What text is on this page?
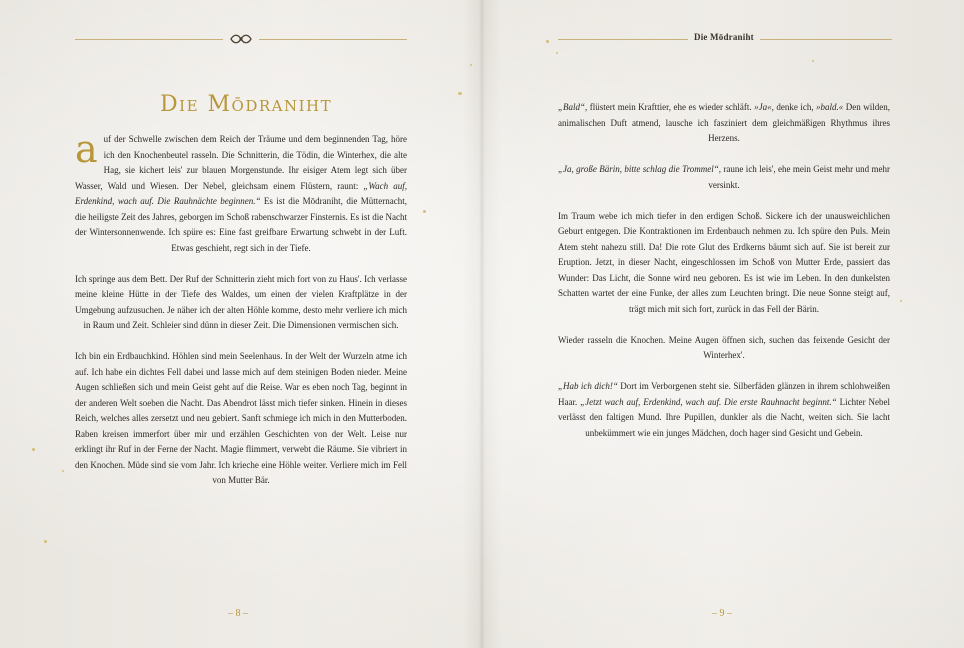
Die Mōdraniht

auf der Schwelle zwischen dem Reich der Träume und dem beginnenden Tag, höre ich den Knochenbeutel rasseln. Die Schnitterin, die Tödin, die Winterhex, die alte Hag, sie kichert leis' zur blauen Morgenstunde. Ihr eisiger Atem legt sich über Wasser, Wald und Wiesen. Der Nebel, gleichsam einem Flüstern, raunt: „Wach auf, Erdenkind, wach auf. Die Rauhnächte beginnen.“ Es ist die Mōdraniht, die Mütternacht, die heiligste Zeit des Jahres, geborgen im Schoß rabenschwarzer Finsternis. Es ist die Nacht der Wintersonnenwende. Ich spüre es: Eine fast greifbare Erwartung schwebt in der Luft. Etwas geschieht, regt sich in der Tiefe.

Ich springe aus dem Bett. Der Ruf der Schnitterin zieht mich fort von zu Haus'. Ich verlasse meine kleine Hütte in der Tiefe des Waldes, um einen der vielen Kraftplätze in der Umgebung aufzusuchen. Je näher ich der alten Höhle komme, desto mehr verliere ich mich in Raum und Zeit. Schleier sind dünn in dieser Zeit. Die Dimensionen vermischen sich.

Ich bin ein Erdbauchkind. Höhlen sind mein Seelenhaus. In der Welt der Wurzeln atme ich auf. Ich habe ein dichtes Fell dabei und lasse mich auf dem steinigen Boden nieder. Meine Augen schließen sich und mein Geist geht auf die Reise. War es eben noch Tag, beginnt in der anderen Welt soeben die Nacht. Das Abendrot lässt mich tiefer sinken. Hinein in dieses Reich, welches alles zersetzt und neu gebiert. Sanft schmiege ich mich in den Mutterboden. Raben kreisen immerfort über mir und erzählen Geschichten von der Welt. Leise nur erklingt ihr Ruf in der Ferne der Nacht. Magie flimmert, verwebt die Räume. Sie vibriert in den Knochen. Müde sind sie vom Jahr. Ich krieche eine Höhle weiter. Verliere mich im Fell von Mutter Bär.

– 8 –
Die Mōdraniht

„Bald“, flüstert mein Krafttier, ehe es wieder schläft. »Ja«, denke ich, »bald.« Den wilden, animalischen Duft atmend, lausche ich fasziniert dem gleichmäßigen Rhythmus ihres Herzens.

„Ja, große Bärin, bitte schlag die Trommel“, raune ich leis', ehe mein Geist mehr und mehr versinkt.

Im Traum webe ich mich tiefer in den erdigen Schoß. Sickere ich der unausweichlichen Geburt entgegen. Die Kontraktionen im Erdenbauch nehmen zu. Ich spüre den Puls. Mein Atem steht nahezu still. Da! Die rote Glut des Erdkerns bäumt sich auf. Sie ist bereit zur Eruption. Jetzt, in dieser Nacht, eingeschlossen im Schoß von Mutter Erde, passiert das Wunder: Das Licht, die Sonne wird neu geboren. Es ist wie im Leben. In den dunkelsten Schatten wartet der eine Funke, der alles zum Leuchten bringt. Die neue Sonne steigt auf, trägt mich mit sich fort, zurück in das Fell der Bärin.

Wieder rasseln die Knochen. Meine Augen öffnen sich, suchen das feixende Gesicht der Winterhex'.

„Hab ich dich!“ Dort im Verborgenen steht sie. Silberfäden glänzen in ihrem schlohweißen Haar. „Jetzt wach auf, Erdenkind, wach auf. Die erste Rauhnacht beginnt.“ Lichter Nebel verlässt den faltigen Mund. Ihre Pupillen, dunkler als die Nacht, weiten sich. Sie lacht unbekümmert wie ein junges Mädchen, doch hager sind Gesicht und Gebein.

– 9 –
